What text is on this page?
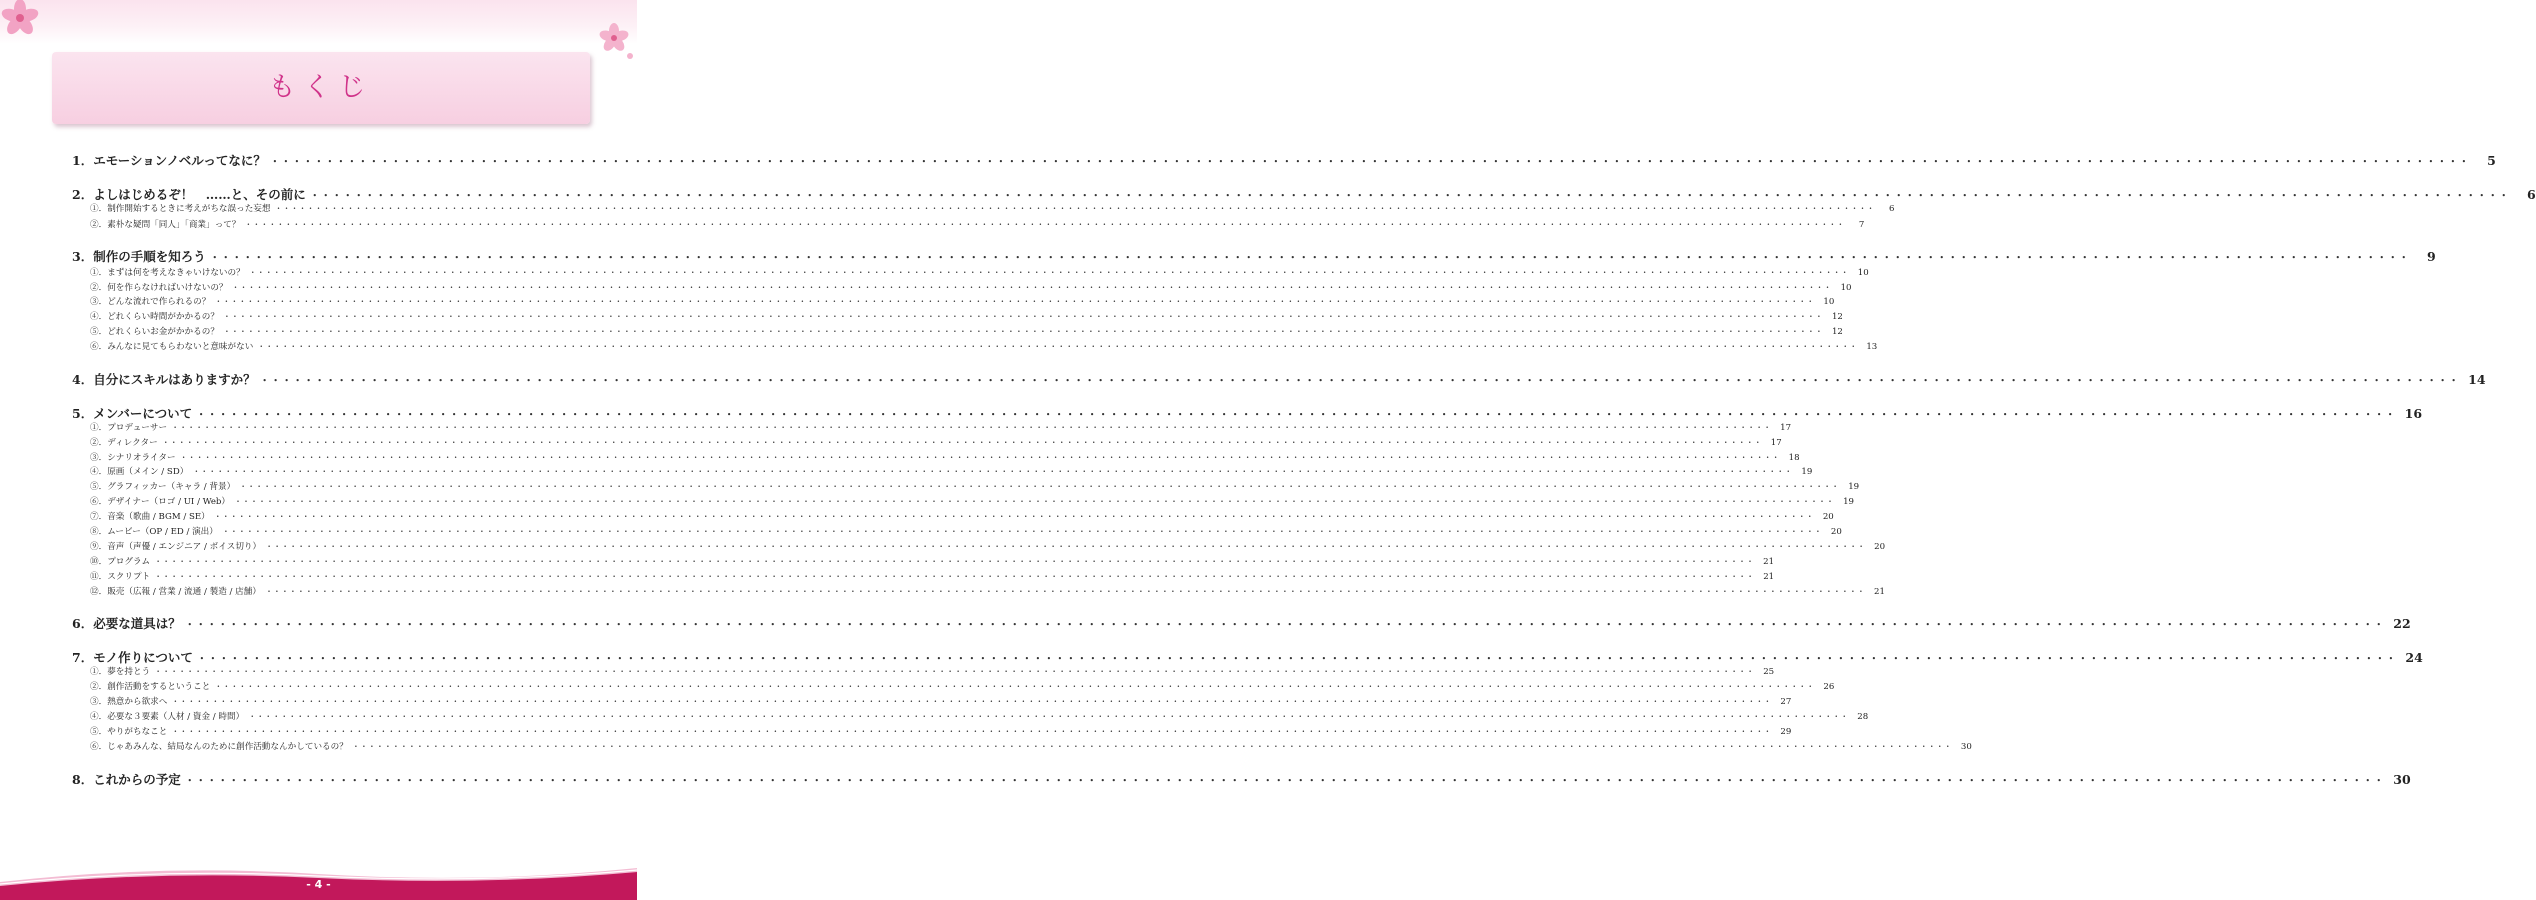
もくじ
1．エモーションノベルってなに？ ・・・・・・・・・・・・・・・・・・・・・・・・・・・・・・・・・・・・・・・・・・・・・・・・・・・・・・・・・・・・・・・・・・・・・・・・・・・・・・・・・・・・・・・・・・・・・・・・・・・・・・・・・・・・・・・・・・・・・・・・・・・・・・・・・・・・・・・・・・・・・・・・・・・・・・・・・・・・・・・・・・・・・・・・・・・・・・・・・・・・・・・・・・・・・・・・・・・・・・・・	5
2．よしはじめるぞ！　……と、その前に ・・・・・・・・・・・・・・・・・・・・・・・・・・・・・・・・・・・・・・・・・・・・・・・・・・・・・・・・・・・・・・・・・・・・・・・・・・・・・・・・・・・・・・・・・・・・・・・・・・・・・・・・・・・・・・・・・・・・・・・・・・・・・・・・・・・・・・・・・・・・・・・・・・・・・・・・・・・・・・・・・・・・・・・・・・・・・・・・・・・・・・・・・・・・・・・・・・・・・・・・	6
①．制作開始するときに考えがちな誤った妄想 ・・・・・・・・・・・・・・・・・・・・・・・・・・・・・・・・・・・・・・・・・・・・・・・・・・・・・・・・・・・・・・・・・・・・・・・・・・・・・・・・・・・・・・・・・・・・・・・・・・・・・・・・・・・・・・・・・・・・・・・・・・・・・・・・・・・・・・・・・・・・・・・・・・・・・・・・・・・・・・・・・・・・・・・・・・・・・・・・・・・・・・・・・・・・・・・・・・・・・・・・	6
②．素朴な疑問「同人」「商業」って？ ・・・・・・・・・・・・・・・・・・・・・・・・・・・・・・・・・・・・・・・・・・・・・・・・・・・・・・・・・・・・・・・・・・・・・・・・・・・・・・・・・・・・・・・・・・・・・・・・・・・・・・・・・・・・・・・・・・・・・・・・・・・・・・・・・・・・・・・・・・・・・・・・・・・・・・・・・・・・・・・・・・・・・・・・・・・・・・・・・・・・・・・・・・・・・・・・・・・・・・・・	7
3．制作の手順を知ろう ・・・・・・・・・・・・・・・・・・・・・・・・・・・・・・・・・・・・・・・・・・・・・・・・・・・・・・・・・・・・・・・・・・・・・・・・・・・・・・・・・・・・・・・・・・・・・・・・・・・・・・・・・・・・・・・・・・・・・・・・・・・・・・・・・・・・・・・・・・・・・・・・・・・・・・・・・・・・・・・・・・・・・・・・・・・・・・・・・・・・・・・・・・・・・・・・・・・・・・・・	9
①．まずは何を考えなきゃいけないの？ ・・・・・・・・・・・・・・・・・・・・・・・・・・・・・・・・・・・・・・・・・・・・・・・・・・・・・・・・・・・・・・・・・・・・・・・・・・・・・・・・・・・・・・・・・・・・・・・・・・・・・・・・・・・・・・・・・・・・・・・・・・・・・・・・・・・・・・・・・・・・・・・・・・・・・・・・・・・・・・・・・・・・・・・・・・・・・・・・・・・・・・・・・・・・・・・・・・・・・・・・	10
②．何を作らなければいけないの？ ・・・・・・・・・・・・・・・・・・・・・・・・・・・・・・・・・・・・・・・・・・・・・・・・・・・・・・・・・・・・・・・・・・・・・・・・・・・・・・・・・・・・・・・・・・・・・・・・・・・・・・・・・・・・・・・・・・・・・・・・・・・・・・・・・・・・・・・・・・・・・・・・・・・・・・・・・・・・・・・・・・・・・・・・・・・・・・・・・・・・・・・・・・・・・・・・・・・・・・・・	10
③．どんな流れで作られるの？ ・・・・・・・・・・・・・・・・・・・・・・・・・・・・・・・・・・・・・・・・・・・・・・・・・・・・・・・・・・・・・・・・・・・・・・・・・・・・・・・・・・・・・・・・・・・・・・・・・・・・・・・・・・・・・・・・・・・・・・・・・・・・・・・・・・・・・・・・・・・・・・・・・・・・・・・・・・・・・・・・・・・・・・・・・・・・・・・・・・・・・・・・・・・・・・・・・・・・・・・・	10
④．どれくらい時間がかかるの？ ・・・・・・・・・・・・・・・・・・・・・・・・・・・・・・・・・・・・・・・・・・・・・・・・・・・・・・・・・・・・・・・・・・・・・・・・・・・・・・・・・・・・・・・・・・・・・・・・・・・・・・・・・・・・・・・・・・・・・・・・・・・・・・・・・・・・・・・・・・・・・・・・・・・・・・・・・・・・・・・・・・・・・・・・・・・・・・・・・・・・・・・・・・・・・・・・・・・・・・・・	12
⑤．どれくらいお金がかかるの？ ・・・・・・・・・・・・・・・・・・・・・・・・・・・・・・・・・・・・・・・・・・・・・・・・・・・・・・・・・・・・・・・・・・・・・・・・・・・・・・・・・・・・・・・・・・・・・・・・・・・・・・・・・・・・・・・・・・・・・・・・・・・・・・・・・・・・・・・・・・・・・・・・・・・・・・・・・・・・・・・・・・・・・・・・・・・・・・・・・・・・・・・・・・・・・・・・・・・・・・・・	12
⑥．みんなに見てもらわないと意味がない ・・・・・・・・・・・・・・・・・・・・・・・・・・・・・・・・・・・・・・・・・・・・・・・・・・・・・・・・・・・・・・・・・・・・・・・・・・・・・・・・・・・・・・・・・・・・・・・・・・・・・・・・・・・・・・・・・・・・・・・・・・・・・・・・・・・・・・・・・・・・・・・・・・・・・・・・・・・・・・・・・・・・・・・・・・・・・・・・・・・・・・・・・・・・・・・・・・・・・・・・	13
4．自分にスキルはありますか？ ・・・・・・・・・・・・・・・・・・・・・・・・・・・・・・・・・・・・・・・・・・・・・・・・・・・・・・・・・・・・・・・・・・・・・・・・・・・・・・・・・・・・・・・・・・・・・・・・・・・・・・・・・・・・・・・・・・・・・・・・・・・・・・・・・・・・・・・・・・・・・・・・・・・・・・・・・・・・・・・・・・・・・・・・・・・・・・・・・・・・・・・・・・・・・・・・・・・・・・・・ 14
5．メンバーについて ・・・・・・・・・・・・・・・・・・・・・・・・・・・・・・・・・・・・・・・・・・・・・・・・・・・・・・・・・・・・・・・・・・・・・・・・・・・・・・・・・・・・・・・・・・・・・・・・・・・・・・・・・・・・・・・・・・・・・・・・・・・・・・・・・・・・・・・・・・・・・・・・・・・・・・・・・・・・・・・・・・・・・・・・・・・・・・・・・・・・・・・・・・・・・・・・・・・・・・・・ 16
①．プロデューサー ・・・・・・・・・・・・・・・・・・・・・・・・・・・・・・・・・・・・・・・・・・・・・・・・・・・・・・・・・・・・・・・・・・・・・・・・・・・・・・・・・・・・・・・・・・・・・・・・・・・・・・・・・・・・・・・・・・・・・・・・・・・・・・・・・・・・・・・・・・・・・・・・・・・・・・・・・・・・・・・・・・・・・・・・・・・・・・・・・・・・・・・・・・・・・・・・・・・・・・・・	17
②．ディレクター ・・・・・・・・・・・・・・・・・・・・・・・・・・・・・・・・・・・・・・・・・・・・・・・・・・・・・・・・・・・・・・・・・・・・・・・・・・・・・・・・・・・・・・・・・・・・・・・・・・・・・・・・・・・・・・・・・・・・・・・・・・・・・・・・・・・・・・・・・・・・・・・・・・・・・・・・・・・・・・・・・・・・・・・・・・・・・・・・・・・・・・・・・・・・・・・・・・・・・・・・	17
③．シナリオライター ・・・・・・・・・・・・・・・・・・・・・・・・・・・・・・・・・・・・・・・・・・・・・・・・・・・・・・・・・・・・・・・・・・・・・・・・・・・・・・・・・・・・・・・・・・・・・・・・・・・・・・・・・・・・・・・・・・・・・・・・・・・・・・・・・・・・・・・・・・・・・・・・・・・・・・・・・・・・・・・・・・・・・・・・・・・・・・・・・・・・・・・・・・・・・・・・・・・・・・・・	18
④．原画（メイン / SD） ・・・・・・・・・・・・・・・・・・・・・・・・・・・・・・・・・・・・・・・・・・・・・・・・・・・・・・・・・・・・・・・・・・・・・・・・・・・・・・・・・・・・・・・・・・・・・・・・・・・・・・・・・・・・・・・・・・・・・・・・・・・・・・・・・・・・・・・・・・・・・・・・・・・・・・・・・・・・・・・・・・・・・・・・・・・・・・・・・・・・・・・・・・・・・・・・・・・・・・・・	19
⑤．グラフィッカー（キャラ / 背景） ・・・・・・・・・・・・・・・・・・・・・・・・・・・・・・・・・・・・・・・・・・・・・・・・・・・・・・・・・・・・・・・・・・・・・・・・・・・・・・・・・・・・・・・・・・・・・・・・・・・・・・・・・・・・・・・・・・・・・・・・・・・・・・・・・・・・・・・・・・・・・・・・・・・・・・・・・・・・・・・・・・・・・・・・・・・・・・・・・・・・・・・・・・・・・・・・・・・・・・・・	19
⑥．デザイナー（ロゴ / UI / Web） ・・・・・・・・・・・・・・・・・・・・・・・・・・・・・・・・・・・・・・・・・・・・・・・・・・・・・・・・・・・・・・・・・・・・・・・・・・・・・・・・・・・・・・・・・・・・・・・・・・・・・・・・・・・・・・・・・・・・・・・・・・・・・・・・・・・・・・・・・・・・・・・・・・・・・・・・・・・・・・・・・・・・・・・・・・・・・・・・・・・・・・・・・・・・・・・・・・・・・・・・	19
⑦．音楽（歌曲 / BGM / SE） ・・・・・・・・・・・・・・・・・・・・・・・・・・・・・・・・・・・・・・・・・・・・・・・・・・・・・・・・・・・・・・・・・・・・・・・・・・・・・・・・・・・・・・・・・・・・・・・・・・・・・・・・・・・・・・・・・・・・・・・・・・・・・・・・・・・・・・・・・・・・・・・・・・・・・・・・・・・・・・・・・・・・・・・・・・・・・・・・・・・・・・・・・・・・・・・・・・・・・・・・	20
⑧．ムービー（OP / ED / 演出） ・・・・・・・・・・・・・・・・・・・・・・・・・・・・・・・・・・・・・・・・・・・・・・・・・・・・・・・・・・・・・・・・・・・・・・・・・・・・・・・・・・・・・・・・・・・・・・・・・・・・・・・・・・・・・・・・・・・・・・・・・・・・・・・・・・・・・・・・・・・・・・・・・・・・・・・・・・・・・・・・・・・・・・・・・・・・・・・・・・・・・・・・・・・・・・・・・・・・・・・・	20
⑨．音声（声優 / エンジニア / ボイス切り） ・・・・・・・・・・・・・・・・・・・・・・・・・・・・・・・・・・・・・・・・・・・・・・・・・・・・・・・・・・・・・・・・・・・・・・・・・・・・・・・・・・・・・・・・・・・・・・・・・・・・・・・・・・・・・・・・・・・・・・・・・・・・・・・・・・・・・・・・・・・・・・・・・・・・・・・・・・・・・・・・・・・・・・・・・・・・・・・・・・・・・・・・・・・・・・・・・・・・・・・・	20
⑩．プログラム ・・・・・・・・・・・・・・・・・・・・・・・・・・・・・・・・・・・・・・・・・・・・・・・・・・・・・・・・・・・・・・・・・・・・・・・・・・・・・・・・・・・・・・・・・・・・・・・・・・・・・・・・・・・・・・・・・・・・・・・・・・・・・・・・・・・・・・・・・・・・・・・・・・・・・・・・・・・・・・・・・・・・・・・・・・・・・・・・・・・・・・・・・・・・・・・・・・・・・・・・	21
⑪．スクリプト ・・・・・・・・・・・・・・・・・・・・・・・・・・・・・・・・・・・・・・・・・・・・・・・・・・・・・・・・・・・・・・・・・・・・・・・・・・・・・・・・・・・・・・・・・・・・・・・・・・・・・・・・・・・・・・・・・・・・・・・・・・・・・・・・・・・・・・・・・・・・・・・・・・・・・・・・・・・・・・・・・・・・・・・・・・・・・・・・・・・・・・・・・・・・・・・・・・・・・・・・	21
⑫．販売（広報 / 営業 / 流通 / 製造 / 店舗） ・・・・・・・・・・・・・・・・・・・・・・・・・・・・・・・・・・・・・・・・・・・・・・・・・・・・・・・・・・・・・・・・・・・・・・・・・・・・・・・・・・・・・・・・・・・・・・・・・・・・・・・・・・・・・・・・・・・・・・・・・・・・・・・・・・・・・・・・・・・・・・・・・・・・・・・・・・・・・・・・・・・・・・・・・・・・・・・・・・・・・・・・・・・・・・・・・・・・・・・・	21
6．必要な道具は？ ・・・・・・・・・・・・・・・・・・・・・・・・・・・・・・・・・・・・・・・・・・・・・・・・・・・・・・・・・・・・・・・・・・・・・・・・・・・・・・・・・・・・・・・・・・・・・・・・・・・・・・・・・・・・・・・・・・・・・・・・・・・・・・・・・・・・・・・・・・・・・・・・・・・・・・・・・・・・・・・・・・・・・・・・・・・・・・・・・・・・・・・・・・・・・・・・・・・・・・・・ 22
7．モノ作りについて ・・・・・・・・・・・・・・・・・・・・・・・・・・・・・・・・・・・・・・・・・・・・・・・・・・・・・・・・・・・・・・・・・・・・・・・・・・・・・・・・・・・・・・・・・・・・・・・・・・・・・・・・・・・・・・・・・・・・・・・・・・・・・・・・・・・・・・・・・・・・・・・・・・・・・・・・・・・・・・・・・・・・・・・・・・・・・・・・・・・・・・・・・・・・・・・・・・・・・・・・ 24
①．夢を持とう ・・・・・・・・・・・・・・・・・・・・・・・・・・・・・・・・・・・・・・・・・・・・・・・・・・・・・・・・・・・・・・・・・・・・・・・・・・・・・・・・・・・・・・・・・・・・・・・・・・・・・・・・・・・・・・・・・・・・・・・・・・・・・・・・・・・・・・・・・・・・・・・・・・・・・・・・・・・・・・・・・・・・・・・・・・・・・・・・・・・・・・・・・・・・・・・・・・・・・・・・	25
②．創作活動をするということ ・・・・・・・・・・・・・・・・・・・・・・・・・・・・・・・・・・・・・・・・・・・・・・・・・・・・・・・・・・・・・・・・・・・・・・・・・・・・・・・・・・・・・・・・・・・・・・・・・・・・・・・・・・・・・・・・・・・・・・・・・・・・・・・・・・・・・・・・・・・・・・・・・・・・・・・・・・・・・・・・・・・・・・・・・・・・・・・・・・・・・・・・・・・・・・・・・・・・・・・・	26
③．熱意から欲求へ ・・・・・・・・・・・・・・・・・・・・・・・・・・・・・・・・・・・・・・・・・・・・・・・・・・・・・・・・・・・・・・・・・・・・・・・・・・・・・・・・・・・・・・・・・・・・・・・・・・・・・・・・・・・・・・・・・・・・・・・・・・・・・・・・・・・・・・・・・・・・・・・・・・・・・・・・・・・・・・・・・・・・・・・・・・・・・・・・・・・・・・・・・・・・・・・・・・・・・・・・	27
④．必要な３要素（人材 / 資金 / 時間） ・・・・・・・・・・・・・・・・・・・・・・・・・・・・・・・・・・・・・・・・・・・・・・・・・・・・・・・・・・・・・・・・・・・・・・・・・・・・・・・・・・・・・・・・・・・・・・・・・・・・・・・・・・・・・・・・・・・・・・・・・・・・・・・・・・・・・・・・・・・・・・・・・・・・・・・・・・・・・・・・・・・・・・・・・・・・・・・・・・・・・・・・・・・・・・・・・・・・・・・・	28
⑤．やりがちなこと ・・・・・・・・・・・・・・・・・・・・・・・・・・・・・・・・・・・・・・・・・・・・・・・・・・・・・・・・・・・・・・・・・・・・・・・・・・・・・・・・・・・・・・・・・・・・・・・・・・・・・・・・・・・・・・・・・・・・・・・・・・・・・・・・・・・・・・・・・・・・・・・・・・・・・・・・・・・・・・・・・・・・・・・・・・・・・・・・・・・・・・・・・・・・・・・・・・・・・・・・	29
⑥．じゃあみんな、結局なんのために創作活動なんかしているの？ ・・・・・・・・・・・・・・・・・・・・・・・・・・・・・・・・・・・・・・・・・・・・・・・・・・・・・・・・・・・・・・・・・・・・・・・・・・・・・・・・・・・・・・・・・・・・・・・・・・・・・・・・・・・・・・・・・・・・・・・・・・・・・・・・・・・・・・・・・・・・・・・・・・・・・・・・・・・・・・・・・・・・・・・・・・・・・・・・・・・・・・・・・・・・・・・・・・・・・・・・	30
8．これからの予定 ・・・・・・・・・・・・・・・・・・・・・・・・・・・・・・・・・・・・・・・・・・・・・・・・・・・・・・・・・・・・・・・・・・・・・・・・・・・・・・・・・・・・・・・・・・・・・・・・・・・・・・・・・・・・・・・・・・・・・・・・・・・・・・・・・・・・・・・・・・・・・・・・・・・・・・・・・・・・・・・・・・・・・・・・・・・・・・・・・・・・・・・・・・・・・・・・・・・・・・・・ 30
- 4 -
